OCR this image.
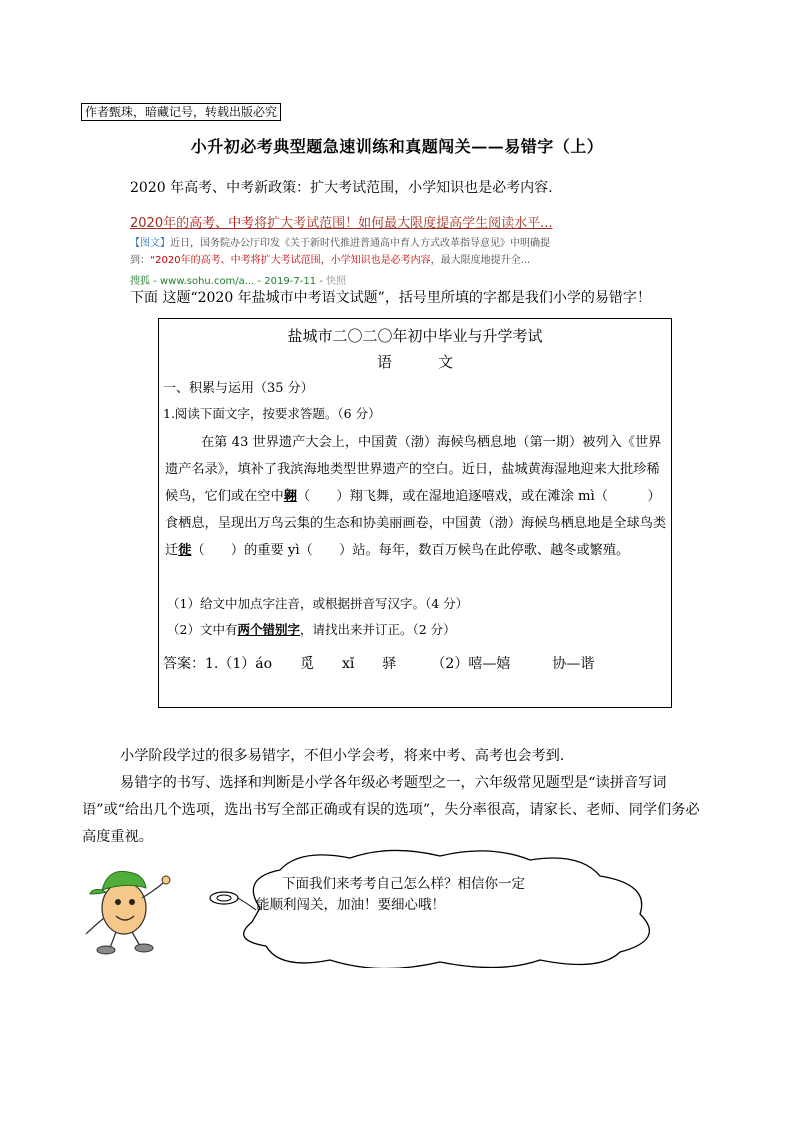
作者甄珠，暗藏记号，转载出版必究
小升初必考典型题急速训练和真题闯关——易错字（上）
2020 年高考、中考新政策：扩大考试范围，小学知识也是必考内容.
2020年的高考、中考将扩大考试范围！如何最大限度提高学生阅读水平...
【图文】近日，国务院办公厅印发《关于新时代推进普通高中育人方式改革指导意见》中明确提
到：“2020年的高考、中考将扩大考试范围，小学知识也是必考内容，最大限度地提升全...
搜狐 - www.sohu.com/a... - 2019-7-11 - 快照
下面 这题“2020 年盐城市中考语文试题”，括号里所填的字都是我们小学的易错字！
盐城市二〇二〇年初中毕业与升学考试
语文
一、积累与运用（35 分）
1.阅读下面文字，按要求答题。（6 分）
在第 43 世界遗产大会上，中国黄（渤）海候鸟栖息地（第一期）被列入《世界遗产名录》，填补了我滨海地类型世界遗产的空白。近日，盐城黄海湿地迎来大批珍稀候鸟，它们或在空中翱（　　）翔飞舞，或在湿地追逐嘻戏，或在滩涂 mì（　　　）食栖息，呈现出万鸟云集的生态和协美丽画卷，中国黄（渤）海候鸟栖息地是全球鸟类迁徙（　　）的重要 yì（　　）站。每年，数百万候鸟在此停歌、越冬或繁殖。
（1）给文中加点字注音，或根据拼音写汉字。（4 分）
（2）文中有两个错别字，请找出来并订正。（2 分）
答案：1.（1）áo　　觅　　xǐ　　驿　　　（2）嘻—嬉　　　协—谐
小学阶段学过的很多易错字，不但小学会考，将来中考、高考也会考到.
易错字的书写、选择和判断是小学各年级必考题型之一，六年级常见题型是“读拼音写词 语”或“给出几个选项，选出书写全部正确或有误的选项”，失分率很高，请家长、老师、同学们务必高度重视。
下面我们来考考自己怎么样？相信你一定
能顺利闯关，加油！要细心哦！
